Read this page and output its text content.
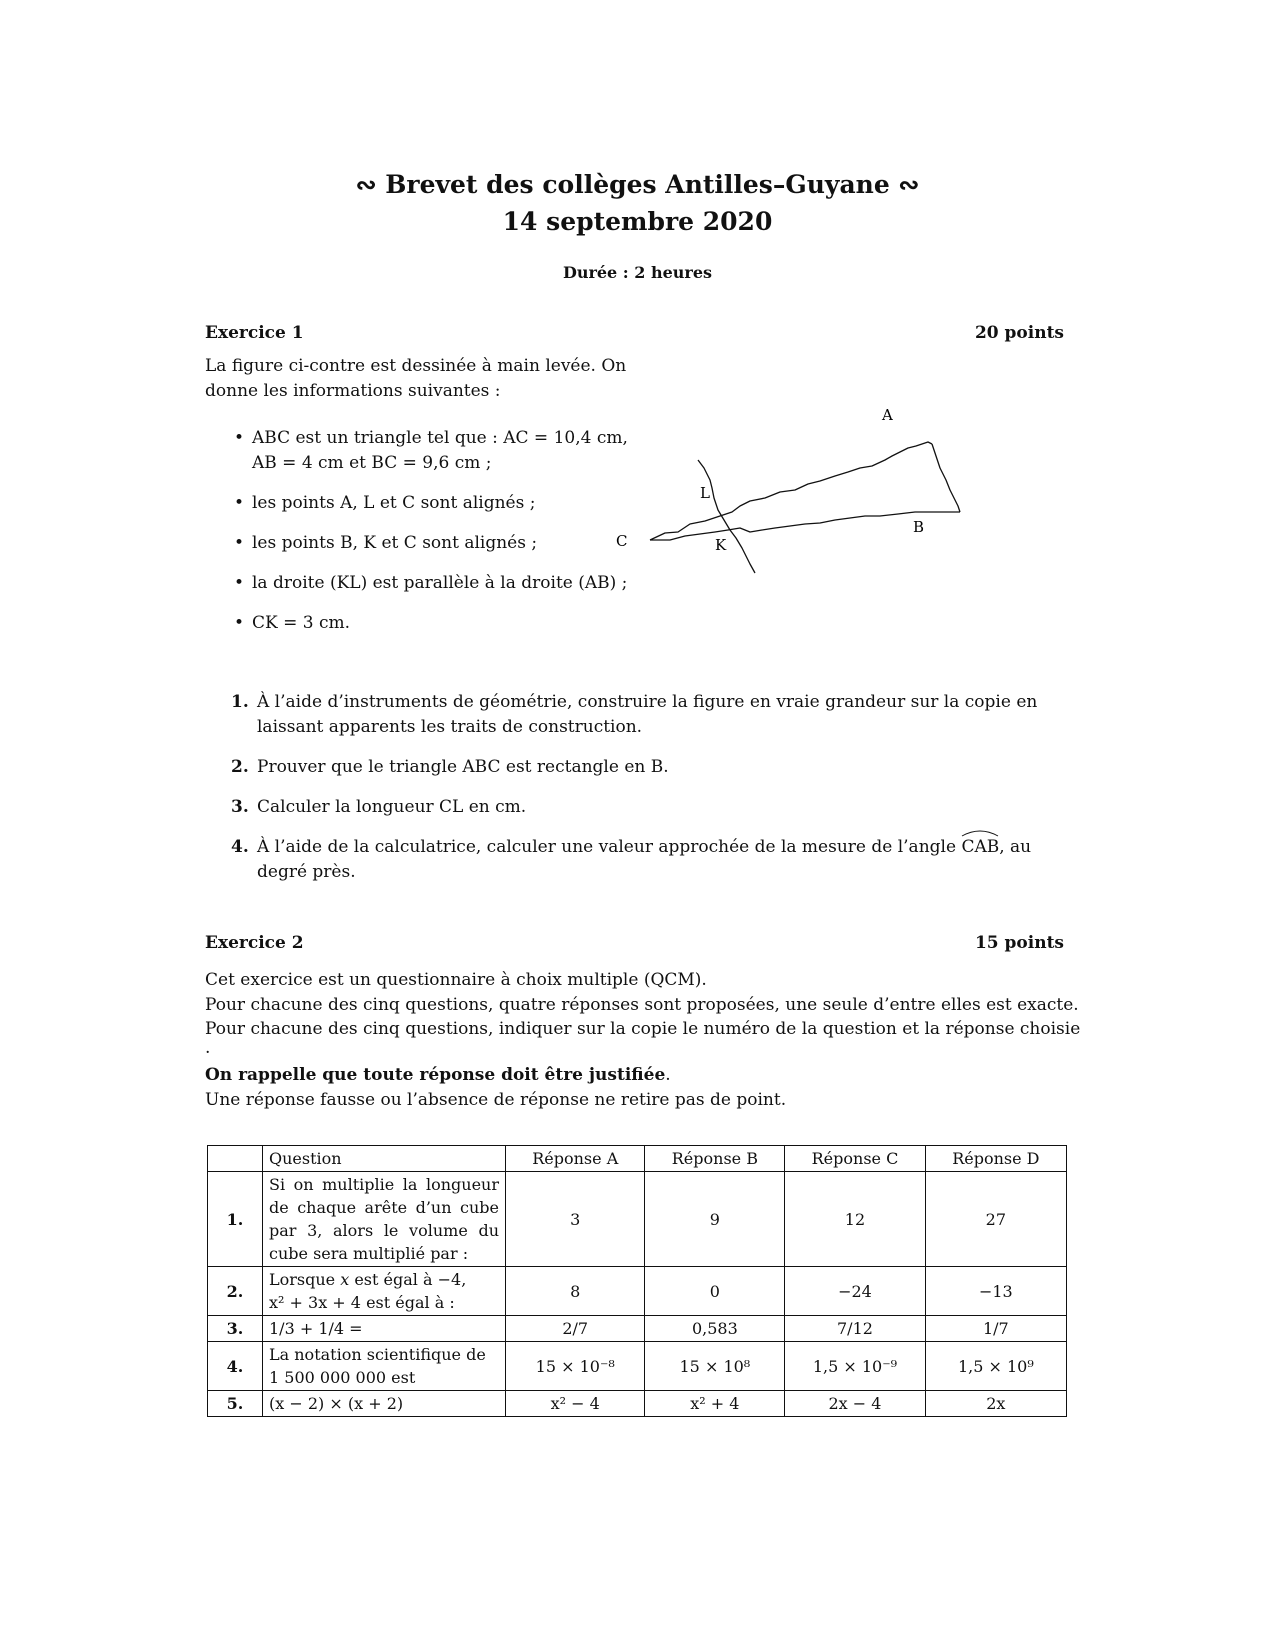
∾ Brevet des collèges Antilles–Guyane ∾
14 septembre 2020
Durée : 2 heures
Exercice 1	20 points
La figure ci-contre est dessinée à main levée. On
donne les informations suivantes :
• ABC est un triangle tel que : AC = 10,4 cm,
AB = 4 cm et BC = 9,6 cm ;
• les points A, L et C sont alignés ;
• les points B, K et C sont alignés ;
• la droite (KL) est parallèle à la droite (AB) ;
• CK = 3 cm.
A
B
C	K
L
1. À l’aide d’instruments de géométrie, construire la figure en vraie grandeur sur la copie en laissant apparents les traits de construction.
2. Prouver que le triangle ABC est rectangle en B.
3. Calculer la longueur CL en cm.
4. À l’aide de la calculatrice, calculer une valeur approchée de la mesure de l’angle
CAB, au degré près.
Exercice 2	15 points
Cet exercice est un questionnaire à choix multiple (QCM).
Pour chacune des cinq questions, quatre réponses sont proposées, une seule d’entre elles est exacte.
Pour chacune des cinq questions, indiquer sur la copie le numéro de la question et la réponse choisie
.
On rappelle que toute réponse doit être justifiée.
Une réponse fausse ou l’absence de réponse ne retire pas de point.
	Question	Réponse A	Réponse B	Réponse C	Réponse D
1.	Si on multiplie la longueur de chaque arête d’un cube par 3, alors le volume du cube sera multiplié par :	3	9	12	27
2.	Lorsque x est égal à −4,
x² + 3x + 4 est égal à :	8	0	−24	−13
3.	1/3 + 1/4 =	2/7	0,583	7/12	1/7
4.	La notation scientifique de 1 500 000 000 est	15 × 10⁻⁸	15 × 10⁸	1,5 × 10⁻⁹	1,5 × 10⁹
5.	(x − 2) × (x + 2)	x² − 4	x² + 4	2x − 4	2x
